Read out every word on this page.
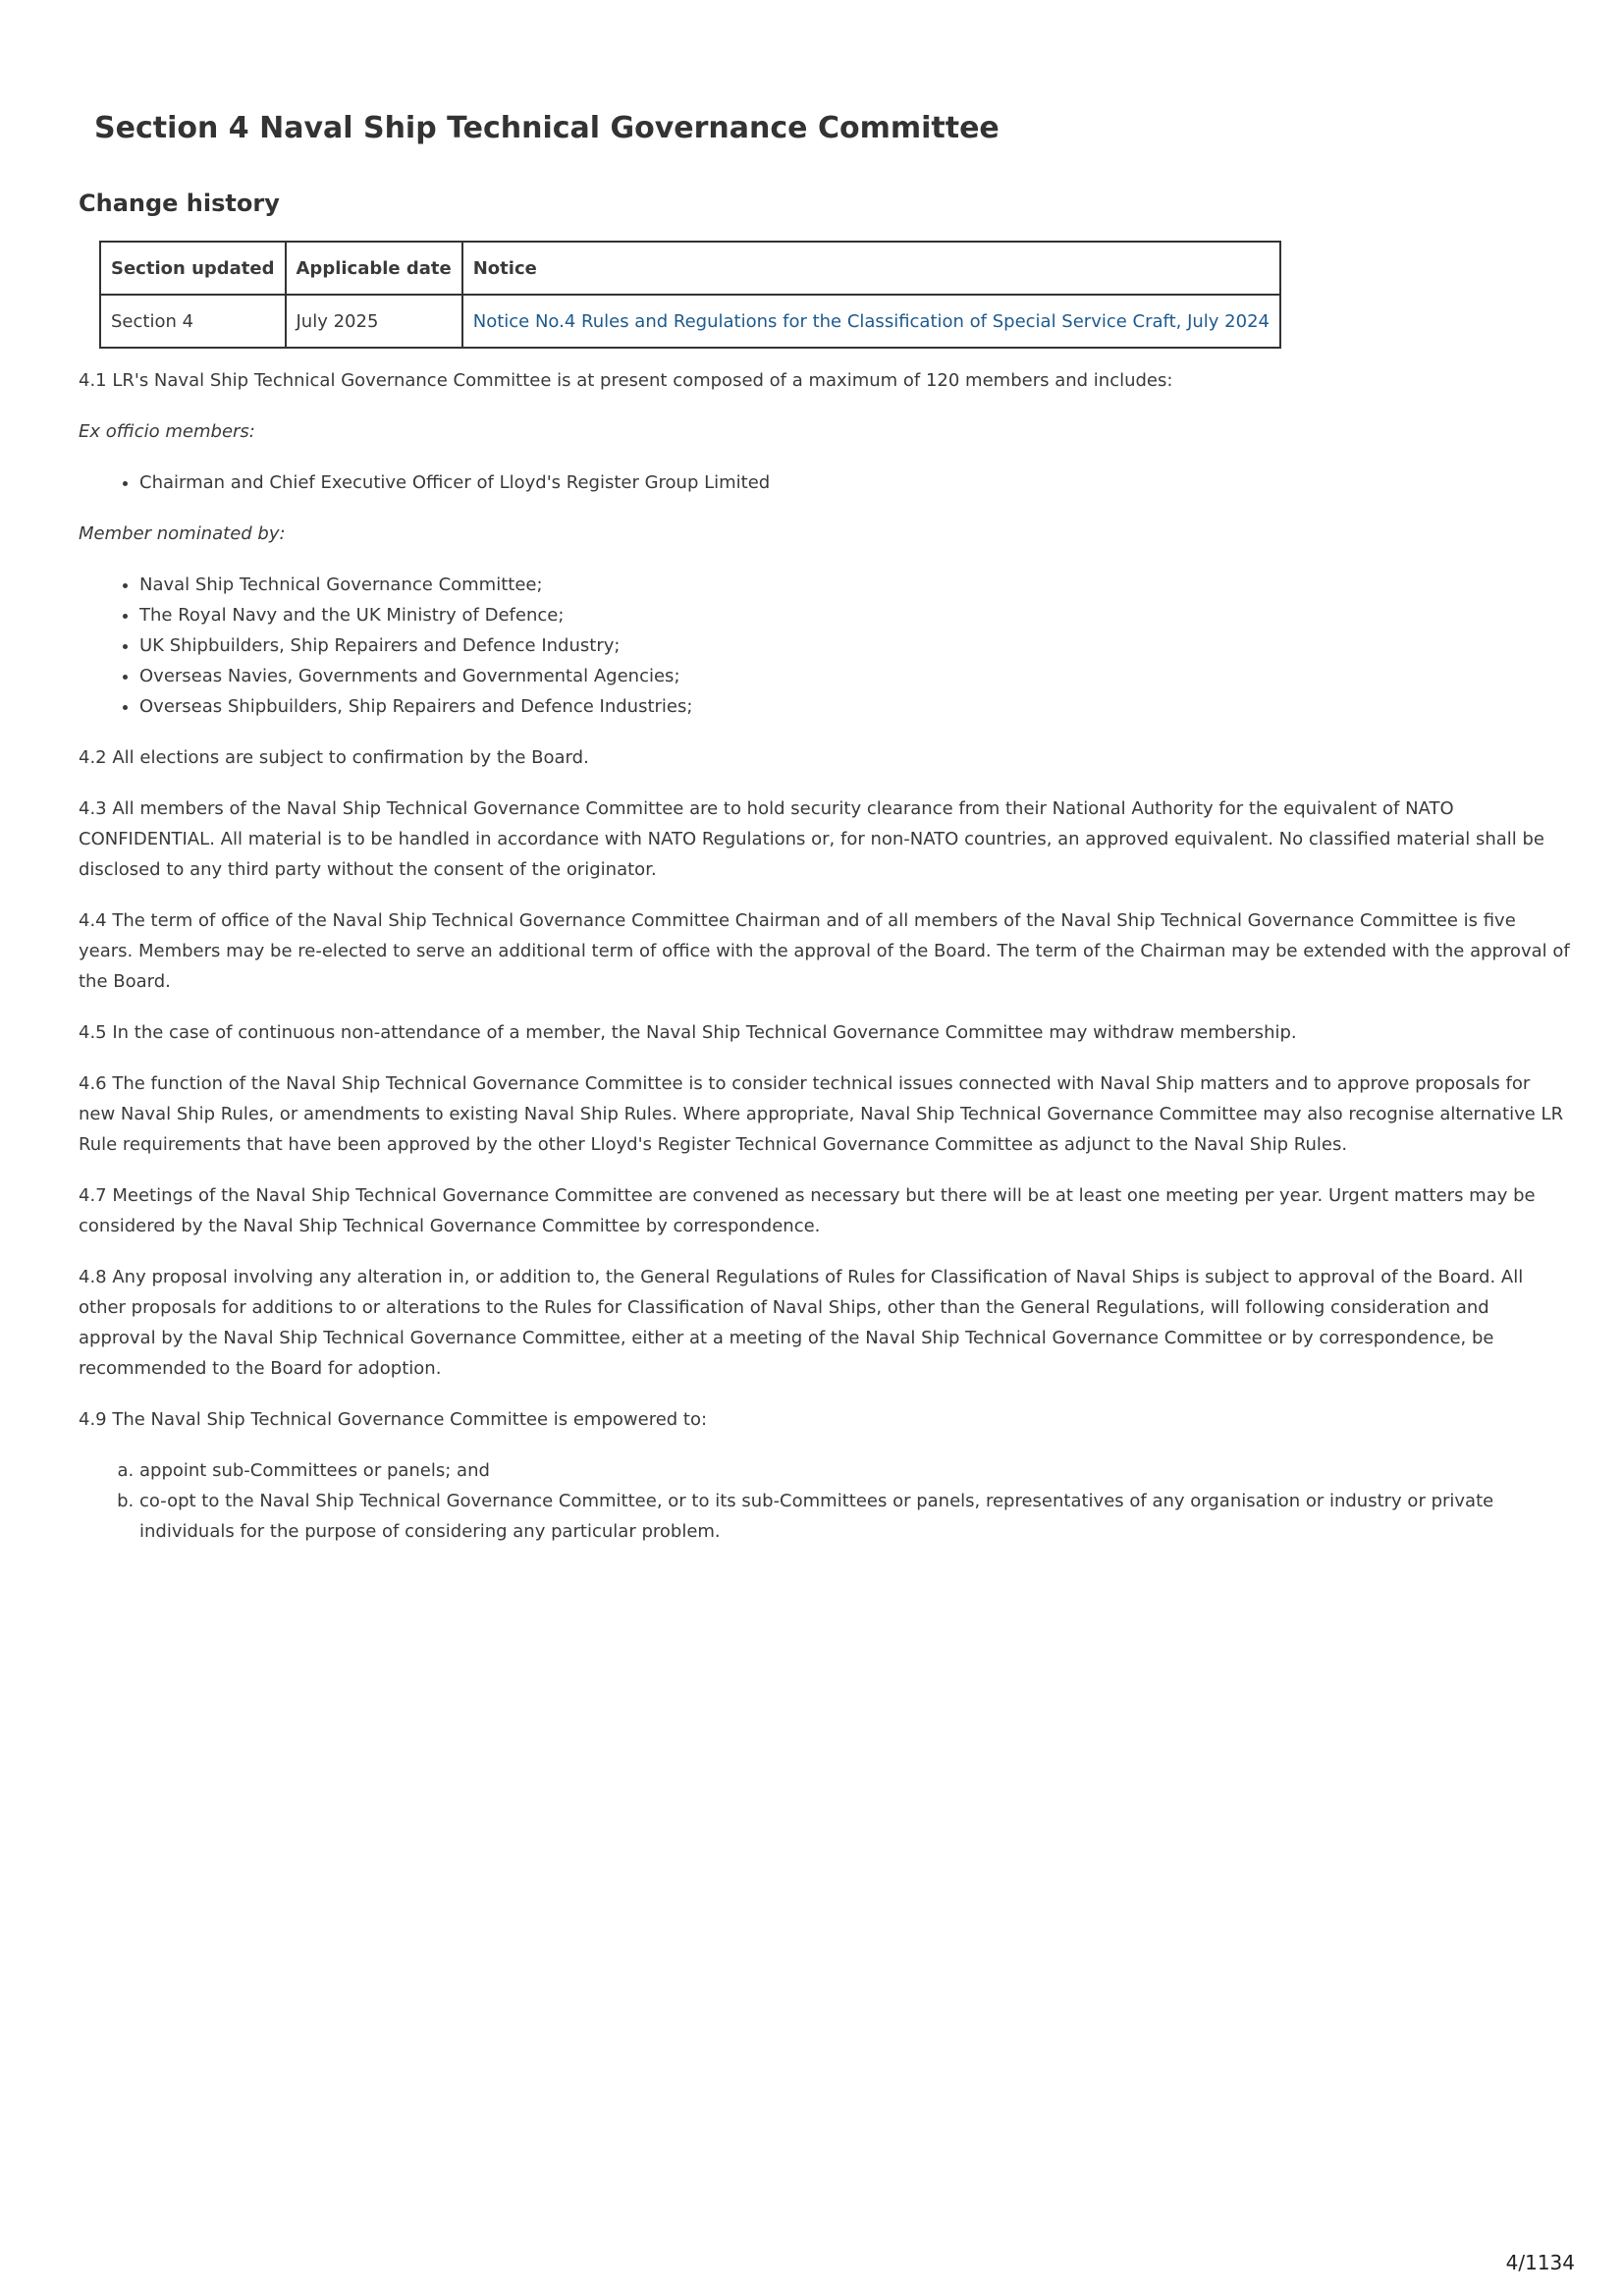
Section 4 Naval Ship Technical Governance Committee
Change history
Section updated	Applicable date	Notice
Section 4	July 2025	Notice No.4 Rules and Regulations for the Classification of Special Service Craft, July 2024

4.1 LR's Naval Ship Technical Governance Committee is at present composed of a maximum of 120 members and includes:

Ex officio members:

• Chairman and Chief Executive Officer of Lloyd's Register Group Limited

Member nominated by:

• Naval Ship Technical Governance Committee;
• The Royal Navy and the UK Ministry of Defence;
• UK Shipbuilders, Ship Repairers and Defence Industry;
• Overseas Navies, Governments and Governmental Agencies;
• Overseas Shipbuilders, Ship Repairers and Defence Industries;

4.2 All elections are subject to confirmation by the Board.

4.3 All members of the Naval Ship Technical Governance Committee are to hold security clearance from their National Authority for the equivalent of NATO CONFIDENTIAL. All material is to be handled in accordance with NATO Regulations or, for non-NATO countries, an approved equivalent. No classified material shall be disclosed to any third party without the consent of the originator.

4.4 The term of office of the Naval Ship Technical Governance Committee Chairman and of all members of the Naval Ship Technical Governance Committee is five years. Members may be re-elected to serve an additional term of office with the approval of the Board. The term of the Chairman may be extended with the approval of the Board.

4.5 In the case of continuous non-attendance of a member, the Naval Ship Technical Governance Committee may withdraw membership.

4.6 The function of the Naval Ship Technical Governance Committee is to consider technical issues connected with Naval Ship matters and to approve proposals for new Naval Ship Rules, or amendments to existing Naval Ship Rules. Where appropriate, Naval Ship Technical Governance Committee may also recognise alternative LR Rule requirements that have been approved by the other Lloyd's Register Technical Governance Committee as adjunct to the Naval Ship Rules.

4.7 Meetings of the Naval Ship Technical Governance Committee are convened as necessary but there will be at least one meeting per year. Urgent matters may be considered by the Naval Ship Technical Governance Committee by correspondence.

4.8 Any proposal involving any alteration in, or addition to, the General Regulations of Rules for Classification of Naval Ships is subject to approval of the Board. All other proposals for additions to or alterations to the Rules for Classification of Naval Ships, other than the General Regulations, will following consideration and approval by the Naval Ship Technical Governance Committee, either at a meeting of the Naval Ship Technical Governance Committee or by correspondence, be recommended to the Board for adoption.

4.9 The Naval Ship Technical Governance Committee is empowered to:

a. appoint sub-Committees or panels; and
b. co-opt to the Naval Ship Technical Governance Committee, or to its sub-Committees or panels, representatives of any organisation or industry or private individuals for the purpose of considering any particular problem.
4/1134
